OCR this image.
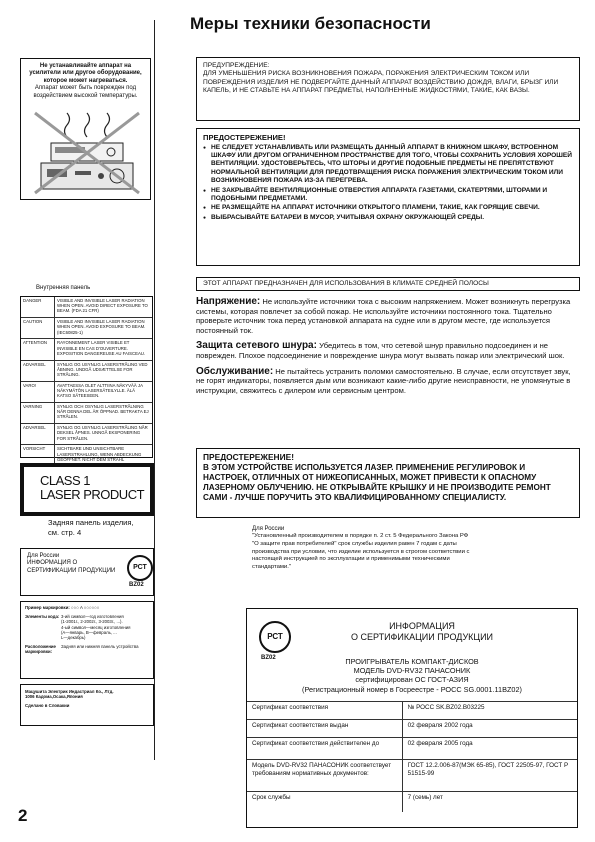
Меры техники безопасности
Не устанавливайте аппарат на усилители или другое оборудование, которое может нагреваться.
Аппарат может быть поврежден под воздействием высокой температуры.
Внутренняя панель
DANGER	VISIBLE AND INVISIBLE LASER RADIATION WHEN OPEN. AVOID DIRECT EXPOSURE TO BEAM. (FDA 21 CFR)
CAUTION	VISIBLE AND INVISIBLE LASER RADIATION WHEN OPEN. AVOID EXPOSURE TO BEAM. (IEC60825-1)
ATTENTION	RAYONNEMENT LASER VISIBLE ET INVISIBLE EN CAS D'OUVERTURE. EXPOSITION DANGEREUSE AU FAISCEAU.
ADVARSEL	SYNLIG OG USYNLIG LASERSTRÅLING VED ÅBNING. UNDGÅ UDSÆTTELSE FOR STRÅLING.
VARO!	AVATTAESSA OLET ALTTIINA NÄKYVÄÄ JA NÄKYMÄTÖN LASERSÄTEILYLLE. ÄLÄ KATSO SÄTEESEEN.
VARNING	SYNLIG OCH OSYNLIG LASERSTRÅLNING NÄR DENNA DEL ÄR ÖPPNAD. BETRAKTA EJ STRÅLEN.
ADVARSEL	SYNLIG OG USYNLIG LASERSTRÅLING NÅR DEKSEL ÅPNES. UNNGÅ EKSPONERING FOR STRÅLEN.
VORSICHT	SICHTBARE UND UNSICHTBARE LASERSTRAHLUNG, WENN ABDECKUNG GEÖFFNET. NICHT DEM STRAHL AUSSETZEN. RQLS0233
CLASS 1
LASER PRODUCT
Задняя панель изделия, см. стр. 4
Для России
ИНФОРМАЦИЯ О
СЕРТИФИКАЦИИ ПРОДУКЦИИ	РСТ
BZ02
Пример маркировки: ○○○ A ○○○○○○
Элементы кода: 3-ий символ—год изготовления
(1-2001г., 2-2002г., 3-2003г., ...).
4-ый символ—месяц изготовления
(А—январь, В—февраль, ...
L—декабрь)
Расположение маркировки:
Задняя или нижняя панель устройства
Мацушита Электрик Индастриал Ко., Лтд.
1006 Кадома,Осака,Япония
Сделано в Словакии
2
ПРЕДУПРЕЖДЕНИЕ:
ДЛЯ УМЕНЬШЕНИЯ РИСКА ВОЗНИКНОВЕНИЯ ПОЖАРА, ПОРАЖЕНИЯ ЭЛЕКТРИЧЕСКИМ ТОКОМ ИЛИ ПОВРЕЖДЕНИЯ ИЗДЕЛИЯ НЕ ПОДВЕРГАЙТЕ ДАННЫЙ АППАРАТ ВОЗДЕЙСТВИЮ ДОЖДЯ, ВЛАГИ, БРЫЗГ ИЛИ КАПЕЛЬ, И НЕ СТАВЬТЕ НА АППАРАТ ПРЕДМЕТЫ, НАПОЛНЕННЫЕ ЖИДКОСТЯМИ, ТАКИЕ, КАК ВАЗЫ.
ПРЕДОСТЕРЕЖЕНИЕ!
● НЕ СЛЕДУЕТ УСТАНАВЛИВАТЬ ИЛИ РАЗМЕЩАТЬ ДАННЫЙ АППАРАТ В КНИЖНОМ ШКАФУ, ВСТРОЕННОМ ШКАФУ ИЛИ ДРУГОМ ОГРАНИЧЕННОМ ПРОСТРАНСТВЕ ДЛЯ ТОГО, ЧТОБЫ СОХРАНИТЬ УСЛОВИЯ ХОРОШЕЙ ВЕНТИЛЯЦИИ. УДОСТОВЕРЬТЕСЬ, ЧТО ШТОРЫ И ДРУГИЕ ПОДОБНЫЕ ПРЕДМЕТЫ НЕ ПРЕПЯТСТВУЮТ НОРМАЛЬНОЙ ВЕНТИЛЯЦИИ ДЛЯ ПРЕДОТВРАЩЕНИЯ РИСКА ПОРАЖЕНИЯ ЭЛЕКТРИЧЕСКИМ ТОКОМ ИЛИ ВОЗНИКНОВЕНИЯ ПОЖАРА ИЗ-ЗА ПЕРЕГРЕВА.
● НЕ ЗАКРЫВАЙТЕ ВЕНТИЛЯЦИОННЫЕ ОТВЕРСТИЯ АППАРАТА ГАЗЕТАМИ, СКАТЕРТЯМИ, ШТОРАМИ И ПОДОБНЫМИ ПРЕДМЕТАМИ.
● НЕ РАЗМЕЩАЙТЕ НА АППАРАТ ИСТОЧНИКИ ОТКРЫТОГО ПЛАМЕНИ, ТАКИЕ, КАК ГОРЯЩИЕ СВЕЧИ.
● ВЫБРАСЫВАЙТЕ БАТАРЕИ В МУСОР, УЧИТЫВАЯ ОХРАНУ ОКРУЖАЮЩЕЙ СРЕДЫ.
ЭТОТ АППАРАТ ПРЕДНАЗНАЧЕН ДЛЯ ИСПОЛЬЗОВАНИЯ В КЛИМАТЕ СРЕДНЕЙ ПОЛОСЫ
Напряжение: Не используйте источники тока с высоким напряжением. Может возникнуть перегрузка системы, которая повлечет за собой пожар. Не используйте источники постоянного тока. Тщательно проверьте источник тока перед установкой аппарата на судне или в другом месте, где используется постоянный ток.
Защита сетевого шнура: Убедитесь в том, что сетевой шнур правильно подсоединен и не поврежден. Плохое подсоединение и повреждение шнура могут вызвать пожар или электрический шок.
Обслуживание: Не пытайтесь устранить поломки самостоятельно. В случае, если отсутствует звук, не горят индикаторы, появляется дым или возникают какие-либо другие неисправности, не упомянутые в инструкции, свяжитесь с дилером или сервисным центром.
ПРЕДОСТЕРЕЖЕНИЕ!
В ЭТОМ УСТРОЙСТВЕ ИСПОЛЬЗУЕТСЯ ЛАЗЕР. ПРИМЕНЕНИЕ РЕГУЛИРОВОК И НАСТРОЕК, ОТЛИЧНЫХ ОТ НИЖЕОПИСАННЫХ, МОЖЕТ ПРИВЕСТИ К ОПАСНОМУ ЛАЗЕРНОМУ ОБЛУЧЕНИЮ. НЕ ОТКРЫВАЙТЕ КРЫШКУ И НЕ ПРОИЗВОДИТЕ РЕМОНТ САМИ - ЛУЧШЕ ПОРУЧИТЬ ЭТО КВАЛИФИЦИРОВАННОМУ СПЕЦИАЛИСТУ.
Для России
"Установленный производителем в порядке п. 2 ст. 5 Федерального Закона РФ "О защите прав потребителей" срок службы изделия равен 7 годам с даты производства при условии, что изделие используется в строгом соответствии с настоящей инструкцией по эксплуатации и применимыми техническими стандартами."
РСТ
BZ02
ИНФОРМАЦИЯ
О СЕРТИФИКАЦИИ ПРОДУКЦИИ
ПРОИГРЫВАТЕЛЬ КОМПАКТ-ДИСКОВ
МОДЕЛЬ DVD-RV32 ПАНАСОНИК
сертифицирован ОС ГОСТ-АЗИЯ
(Регистрационный номер в Госреестре - РОСС SG.0001.11BZ02)
Сертификат соответствия	№ РОСС SK.BZ02.B03225
Сертификат соответствия выдан	02 февраля 2002 года
Сертификат соответствия действителен до	02 февраля 2005 года
Модель DVD-RV32 ПАНАСОНИК соответствует требованиям нормативных документов:	ГОСТ 12.2.006-87(МЭК 65-85), ГОСТ 22505-97, ГОСТ Р 51515-99
Срок службы	7 (семь) лет
